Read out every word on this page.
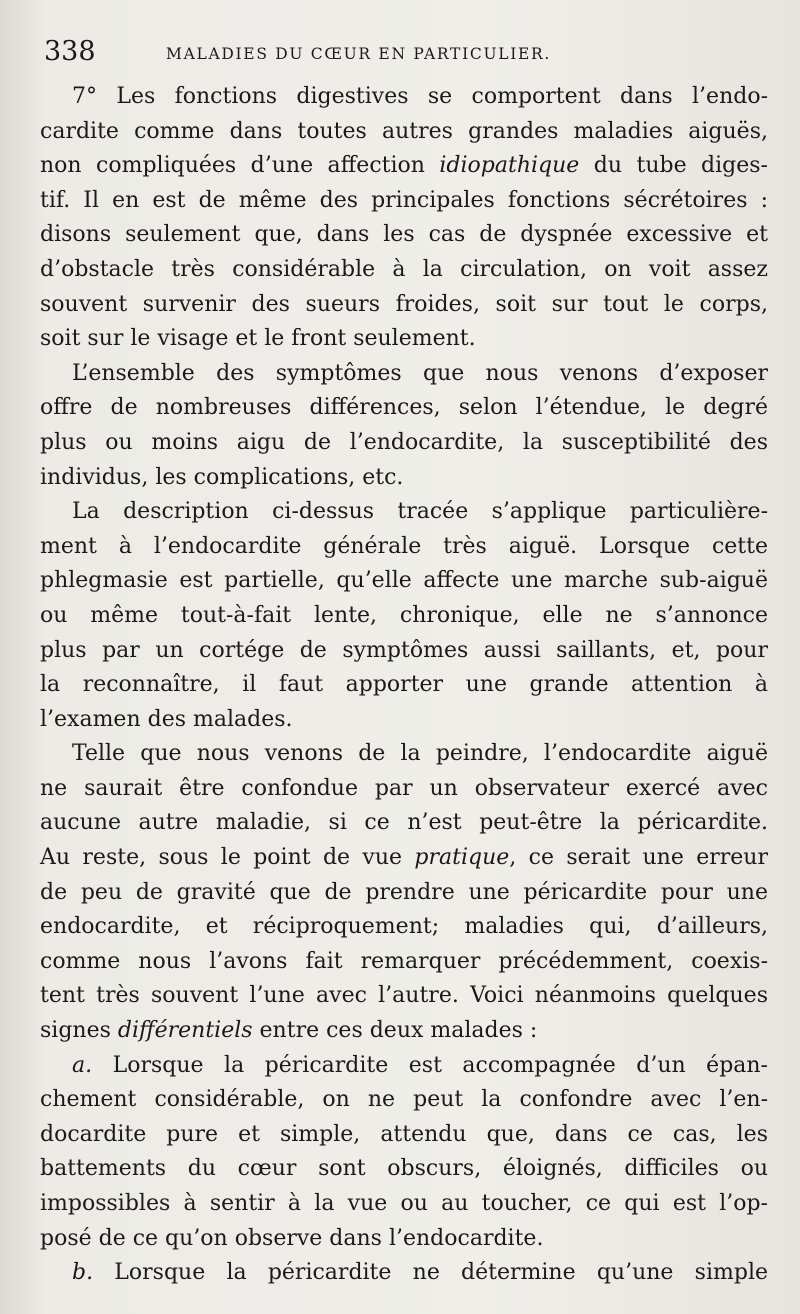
338	MALADIES DU CŒUR EN PARTICULIER.
7° Les fonctions digestives se comportent dans l’endo-
cardite comme dans toutes autres grandes maladies aiguës,
non compliquées d’une affection idiopathique du tube diges-
tif. Il en est de même des principales fonctions sécrétoires :
disons seulement que, dans les cas de dyspnée excessive et
d’obstacle très considérable à la circulation, on voit assez
souvent survenir des sueurs froides, soit sur tout le corps,
soit sur le visage et le front seulement.
L’ensemble des symptômes que nous venons d’exposer
offre de nombreuses différences, selon l’étendue, le degré
plus ou moins aigu de l’endocardite, la susceptibilité des
individus, les complications, etc.
La description ci-dessus tracée s’applique particulière-
ment à l’endocardite générale très aiguë. Lorsque cette
phlegmasie est partielle, qu’elle affecte une marche sub-aiguë
ou même tout-à-fait lente, chronique, elle ne s’annonce
plus par un cortége de symptômes aussi saillants, et, pour
la reconnaître, il faut apporter une grande attention à
l’examen des malades.
Telle que nous venons de la peindre, l’endocardite aiguë
ne saurait être confondue par un observateur exercé avec
aucune autre maladie, si ce n’est peut-être la péricardite.
Au reste, sous le point de vue pratique, ce serait une erreur
de peu de gravité que de prendre une péricardite pour une
endocardite, et réciproquement; maladies qui, d’ailleurs,
comme nous l’avons fait remarquer précédemment, coexis-
tent très souvent l’une avec l’autre. Voici néanmoins quelques
signes différentiels entre ces deux malades :
a. Lorsque la péricardite est accompagnée d’un épan-
chement considérable, on ne peut la confondre avec l’en-
docardite pure et simple, attendu que, dans ce cas, les
battements du cœur sont obscurs, éloignés, difficiles ou
impossibles à sentir à la vue ou au toucher, ce qui est l’op-
posé de ce qu’on observe dans l’endocardite.
b. Lorsque la péricardite ne détermine qu’une simple
